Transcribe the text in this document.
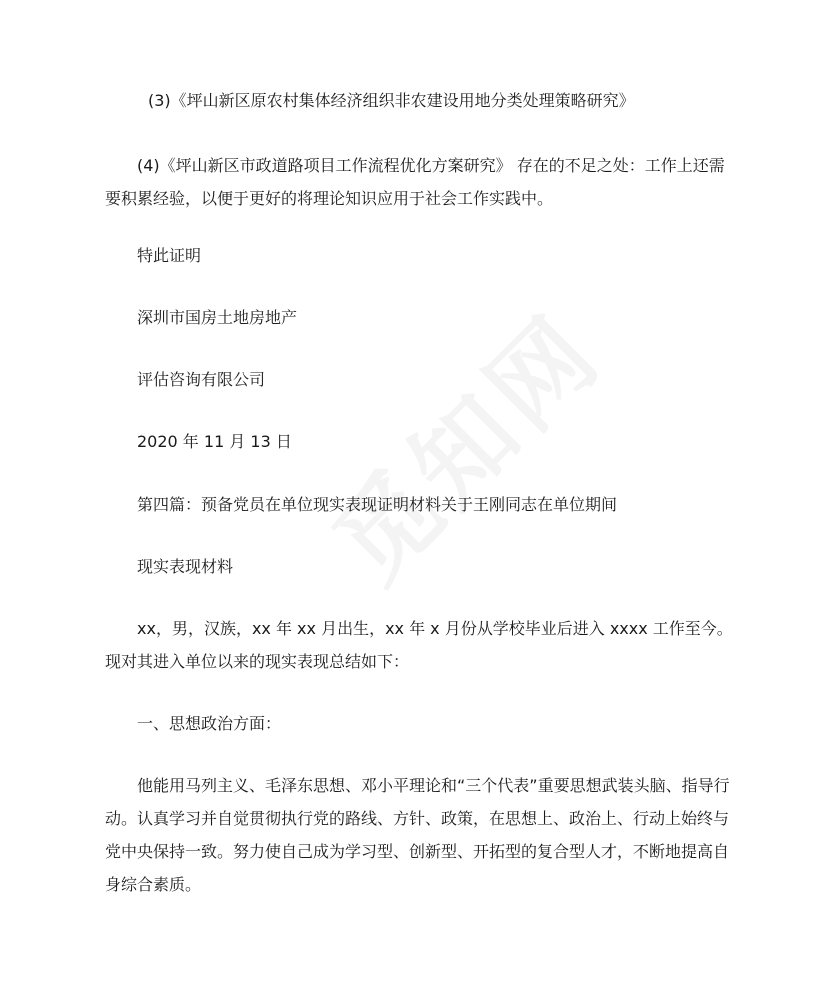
(3)《坪山新区原农村集体经济组织非农建设用地分类处理策略研究》

(4)《坪山新区市政道路项目工作流程优化方案研究》 存在的不足之处：工作上还需要积累经验，以便于更好的将理论知识应用于社会工作实践中。

特此证明

深圳市国房土地房地产

评估咨询有限公司

2020 年 11 月 13 日

第四篇：预备党员在单位现实表现证明材料关于王刚同志在单位期间

现实表现材料

xx，男，汉族，xx 年 xx 月出生，xx 年 x 月份从学校毕业后进入 xxxx 工作至今。现对其进入单位以来的现实表现总结如下：

一、思想政治方面：

他能用马列主义、毛泽东思想、邓小平理论和“三个代表”重要思想武装头脑、指导行动。认真学习并自觉贯彻执行党的路线、方针、政策，在思想上、政治上、行动上始终与党中央保持一致。努力使自己成为学习型、创新型、开拓型的复合型人才，不断地提高自身综合素质。
